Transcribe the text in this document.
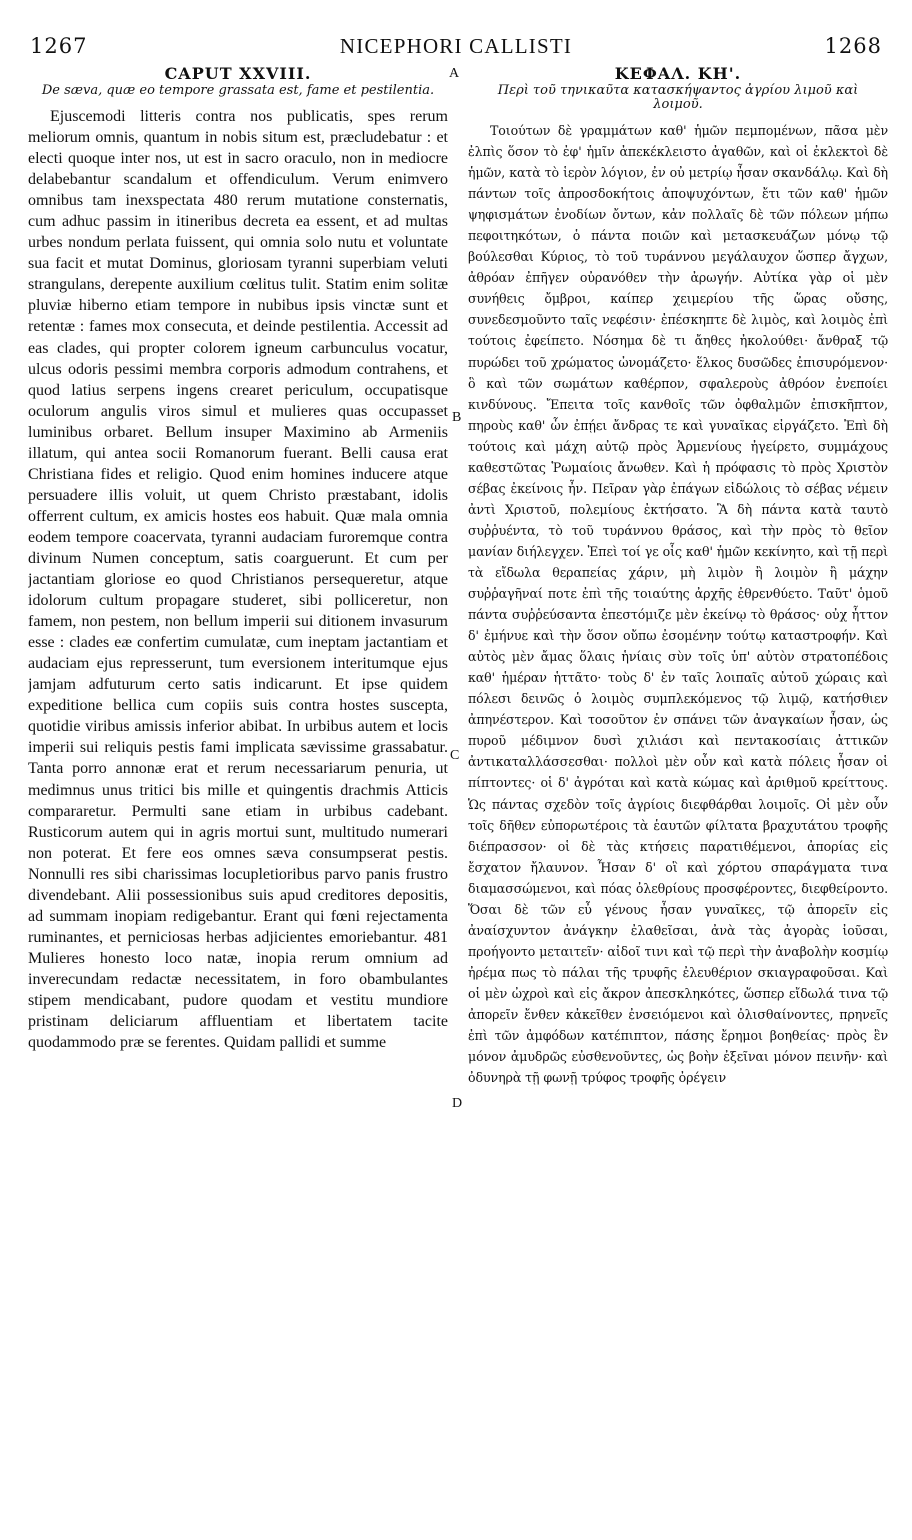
1267	NICEPHORI CALLISTI	1268
A
B
C
D
CAPUT XXVIII.

De sæva, quæ eo tempore grassata est, fame et pestilentia.

Ejuscemodi litteris contra nos publicatis, spes rerum meliorum omnis, quantum in nobis situm est, præcludebatur : et electi quoque inter nos, ut est in sacro oraculo, non in mediocre delabebantur scandalum et offendiculum. Verum enimvero omnibus tam inexspectata 480 rerum mutatione consternatis, cum adhuc passim in itineribus decreta ea essent, et ad multas urbes nondum perlata fuissent, qui omnia solo nutu et voluntate sua facit et mutat Dominus, gloriosam tyranni superbiam veluti strangulans, derepente auxilium cœlitus tulit. Statim enim solitæ pluviæ hiberno etiam tempore in nubibus ipsis vinctæ sunt et retentæ : fames mox consecuta, et deinde pestilentia. Accessit ad eas clades, qui propter colorem igneum carbunculus vocatur, ulcus odoris pessimi membra corporis admodum contrahens, et quod latius serpens ingens crearet periculum, occupatisque oculorum angulis viros simul et mulieres quas occupasset luminibus orbaret. Bellum insuper Maximino ab Armeniis illatum, qui antea socii Romanorum fuerant. Belli causa erat Christiana fides et religio. Quod enim homines inducere atque persuadere illis voluit, ut quem Christo præstabant, idolis offerrent cultum, ex amicis hostes eos habuit. Quæ mala omnia eodem tempore coacervata, tyranni audaciam furoremque contra divinum Numen conceptum, satis coarguerunt. Et cum per jactantiam gloriose eo quod Christianos persequeretur, atque idolorum cultum propagare studeret, sibi polliceretur, non famem, non pestem, non bellum imperii sui ditionem invasurum esse : clades eæ confertim cumulatæ, cum ineptam jactantiam et audaciam ejus represserunt, tum eversionem interitumque ejus jamjam adfuturum certo satis indicarunt. Et ipse quidem expeditione bellica cum copiis suis contra hostes suscepta, quotidie viribus amissis inferior abibat. In urbibus autem et locis imperii sui reliquis pestis fami implicata sævissime grassabatur. Tanta porro annonæ erat et rerum necessariarum penuria, ut medimnus unus tritici bis mille et quingentis drachmis Atticis compararetur. Permulti sane etiam in urbibus cadebant. Rusticorum autem qui in agris mortui sunt, multitudo numerari non poterat. Et fere eos omnes sæva consumpserat pestis. Nonnulli res sibi charissimas locupletioribus parvo panis frustro divendebant. Alii possessionibus suis apud creditores depositis, ad summam inopiam redigebantur. Erant qui fœni rejectamenta ruminantes, et perniciosas herbas adjicientes emoriebantur. 481 Mulieres honesto loco natæ, inopia rerum omnium ad inverecundam redactæ necessitatem, in foro obambulantes stipem mendicabant, pudore quodam et vestitu mundiore pristinam deliciarum affluentiam et libertatem tacite quodammodo præ se ferentes. Quidam pallidi et summe

ΚΕΦΑΛ. ΚΗ'.

Περὶ τοῦ τηνικαῦτα κατασκήψαντος ἀγρίου λιμοῦ καὶ λοιμοῦ.

Τοιούτων δὲ γραμμάτων καθ' ἡμῶν πεμπομένων, πᾶσα μὲν ἐλπὶς ὅσον τὸ ἐφ' ἡμῖν ἀπεκέκλειστο ἀγαθῶν, καὶ οἱ ἐκλεκτοὶ δὲ ἡμῶν, κατὰ τὸ ἱερὸν λόγιον, ἐν οὐ μετρίῳ ἦσαν σκανδάλῳ. Καὶ δὴ πάντων τοῖς ἀπροσδοκήτοις ἀποψυχόντων, ἔτι τῶν καθ' ἡμῶν ψηφισμάτων ἐνοδίων ὄντων, κἀν πολλαῖς δὲ τῶν πόλεων μήπω πεφοιτηκότων, ὁ πάντα ποιῶν καὶ μετασκευάζων μόνῳ τῷ βούλεσθαι Κύριος, τὸ τοῦ τυράννου μεγάλαυχον ὥσπερ ἄγχων, ἀθρόαν ἐπῆγεν οὐρανόθεν τὴν ἀρωγήν. Αὐτίκα γὰρ οἱ μὲν συνήθεις ὄμβροι, καίπερ χειμερίου τῆς ὥρας οὔσης, συνεδεσμοῦντο ταῖς νεφέσιν· ἐπέσκηπτε δὲ λιμὸς, καὶ λοιμὸς ἐπὶ τούτοις ἐφείπετο. Νόσημα δὲ τι ἄηθες ἠκολούθει· ἄνθραξ τῷ πυρώδει τοῦ χρώματος ὠνομάζετο· ἕλκος δυσῶδες ἐπισυρόμενον· ὃ καὶ τῶν σωμάτων καθέρπον, σφαλεροὺς ἀθρόον ἐνεποίει κινδύνους. Ἔπειτα τοῖς κανθοῖς τῶν ὀφθαλμῶν ἐπισκῆπτον, πηροὺς καθ' ὧν ἐπῄει ἄνδρας τε καὶ γυναῖκας εἰργάζετο. Ἐπὶ δὴ τούτοις καὶ μάχη αὐτῷ πρὸς Ἀρμενίους ἠγείρετο, συμμάχους καθεστῶτας Ῥωμαίοις ἄνωθεν. Καὶ ἡ πρόφασις τὸ πρὸς Χριστὸν σέβας ἐκείνοις ἦν. Πεῖραν γὰρ ἐπάγων εἰδώλοις τὸ σέβας νέμειν ἀντὶ Χριστοῦ, πολεμίους ἐκτήσατο. Ἃ δὴ πάντα κατὰ ταυτὸ συῤῥυέντα, τὸ τοῦ τυράννου θράσος, καὶ τὴν πρὸς τὸ θεῖον μανίαν διήλεγχεν. Ἐπεὶ τοί γε οἷς καθ' ἡμῶν κεκίνητο, καὶ τῇ περὶ τὰ εἴδωλα θεραπείας χάριν, μὴ λιμὸν ἢ λοιμὸν ἢ μάχην συῤῥαγῆναί ποτε ἐπὶ τῆς τοιαύτης ἀρχῆς ἐθρενθύετο. Ταῦτ' ὁμοῦ πάντα συῤῥεύσαντα ἐπεστόμιζε μὲν ἐκείνῳ τὸ θράσος· οὐχ ἧττον δ' ἐμήνυε καὶ τὴν ὅσον οὔπω ἐσομένην τούτῳ καταστροφήν. Καὶ αὐτὸς μὲν ἄμας ὅλαις ἡνίαις σὺν τοῖς ὑπ' αὐτὸν στρατοπέδοις καθ' ἡμέραν ἡττᾶτο· τοὺς δ' ἐν ταῖς λοιπαῖς αὐτοῦ χώραις καὶ πόλεσι δεινῶς ὁ λοιμὸς συμπλεκόμενος τῷ λιμῷ, κατήσθιεν ἀπηνέστερον. Καὶ τοσοῦτον ἐν σπάνει τῶν ἀναγκαίων ἦσαν, ὡς πυροῦ μέδιμνον δυσὶ χιλιάσι καὶ πεντακοσίαις ἀττικῶν ἀντικαταλλάσσεσθαι· πολλοὶ μὲν οὖν καὶ κατὰ πόλεις ἦσαν οἱ πίπτοντες· οἱ δ' ἀγρόται καὶ κατὰ κώμας καὶ ἀριθμοῦ κρείττους. Ὡς πάντας σχεδὸν τοῖς ἀγρίοις διεφθάρθαι λοιμοῖς. Οἱ μὲν οὖν τοῖς δῆθεν εὐπορωτέροις τὰ ἑαυτῶν φίλτατα βραχυτάτου τροφῆς διέπρασσον· οἱ δὲ τὰς κτήσεις παρατιθέμενοι, ἀπορίας εἰς ἔσχατον ἤλαυνον. Ἦσαν δ' οἳ καὶ χόρτου σπαράγματα τινα διαμασσώμενοι, καὶ πόας ὀλεθρίους προσφέροντες, διεφθείροντο. Ὅσαι δὲ τῶν εὖ γένους ἦσαν γυναῖκες, τῷ ἀπορεῖν εἰς ἀναίσχυντον ἀνάγκην ἐλαθεῖσαι, ἀνὰ τὰς ἀγορὰς ἰοῦσαι, προήγοντο μεταιτεῖν· αἰδοῖ τινι καὶ τῷ περὶ τὴν ἀναβολὴν κοσμίῳ ἠρέμα πως τὸ πάλαι τῆς τρυφῆς ἐλευθέριον σκιαγραφοῦσαι. Καὶ οἱ μὲν ὠχροὶ καὶ εἰς ἄκρον ἀπεσκληκότες, ὥσπερ εἴδωλά τινα τῷ ἀπορεῖν ἔνθεν κἀκεῖθεν ἐνσειόμενοι καὶ ὀλισθαίνοντες, πρηνεῖς ἐπὶ τῶν ἀμφόδων κατέπιπτον, πάσης ἔρημοι βοηθείας· πρὸς ἓν μόνον ἀμυδρῶς εὐσθενοῦντες, ὡς βοὴν ἐξεῖναι μόνον πεινῆν· καὶ ὀδυνηρὰ τῇ φωνῇ τρύφος τροφῆς ὀρέγειν
